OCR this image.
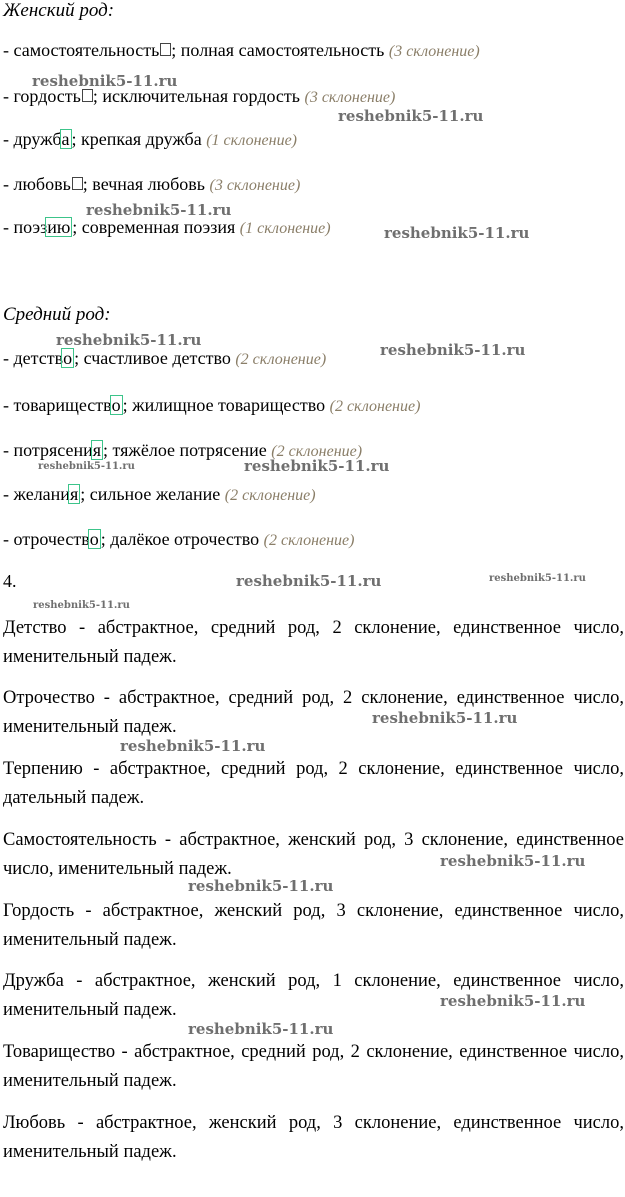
Женский род:
- самостоятельность ; полная самостоятельность (3 склонение)
- гордость ; исключительная гордость (3 склонение)
- дружба ; крепкая дружба (1 склонение)
- любовь ; вечная любовь (3 склонение)
- поэзию ; современная поэзия (1 склонение)
Средний род:
- детство ; счастливое детство (2 склонение)
- товарищество ; жилищное товарищество (2 склонение)
- потрясения ; тяжёлое потрясение (2 склонение)
- желания ; сильное желание (2 склонение)
- отрочество ; далёкое отрочество (2 склонение)
4.
Детство - абстрактное, средний род, 2 склонение, единственное число, именительный падеж.
Отрочество - абстрактное, средний род, 2 склонение, единственное число, именительный падеж.
Терпению - абстрактное, средний род, 2 склонение, единственное число, дательный падеж.
Самостоятельность - абстрактное, женский род, 3 склонение, единственное число, именительный падеж.
Гордость - абстрактное, женский род, 3 склонение, единственное число, именительный падеж.
Дружба - абстрактное, женский род, 1 склонение, единственное число, именительный падеж.
Товарищество - абстрактное, средний род, 2 склонение, единственное число, именительный падеж.
Любовь - абстрактное, женский род, 3 склонение, единственное число, именительный падеж.
reshebnik5-11.ru
reshebnik5-11.ru
reshebnik5-11.ru
reshebnik5-11.ru
reshebnik5-11.ru
reshebnik5-11.ru
reshebnik5-11.ru	reshebnik5-11.ru
reshebnik5-11.ru	reshebnik5-11.ru
reshebnik5-11.ru
reshebnik5-11.ru
reshebnik5-11.ru
reshebnik5-11.ru
reshebnik5-11.ru
reshebnik5-11.ru
reshebnik5-11.ru
